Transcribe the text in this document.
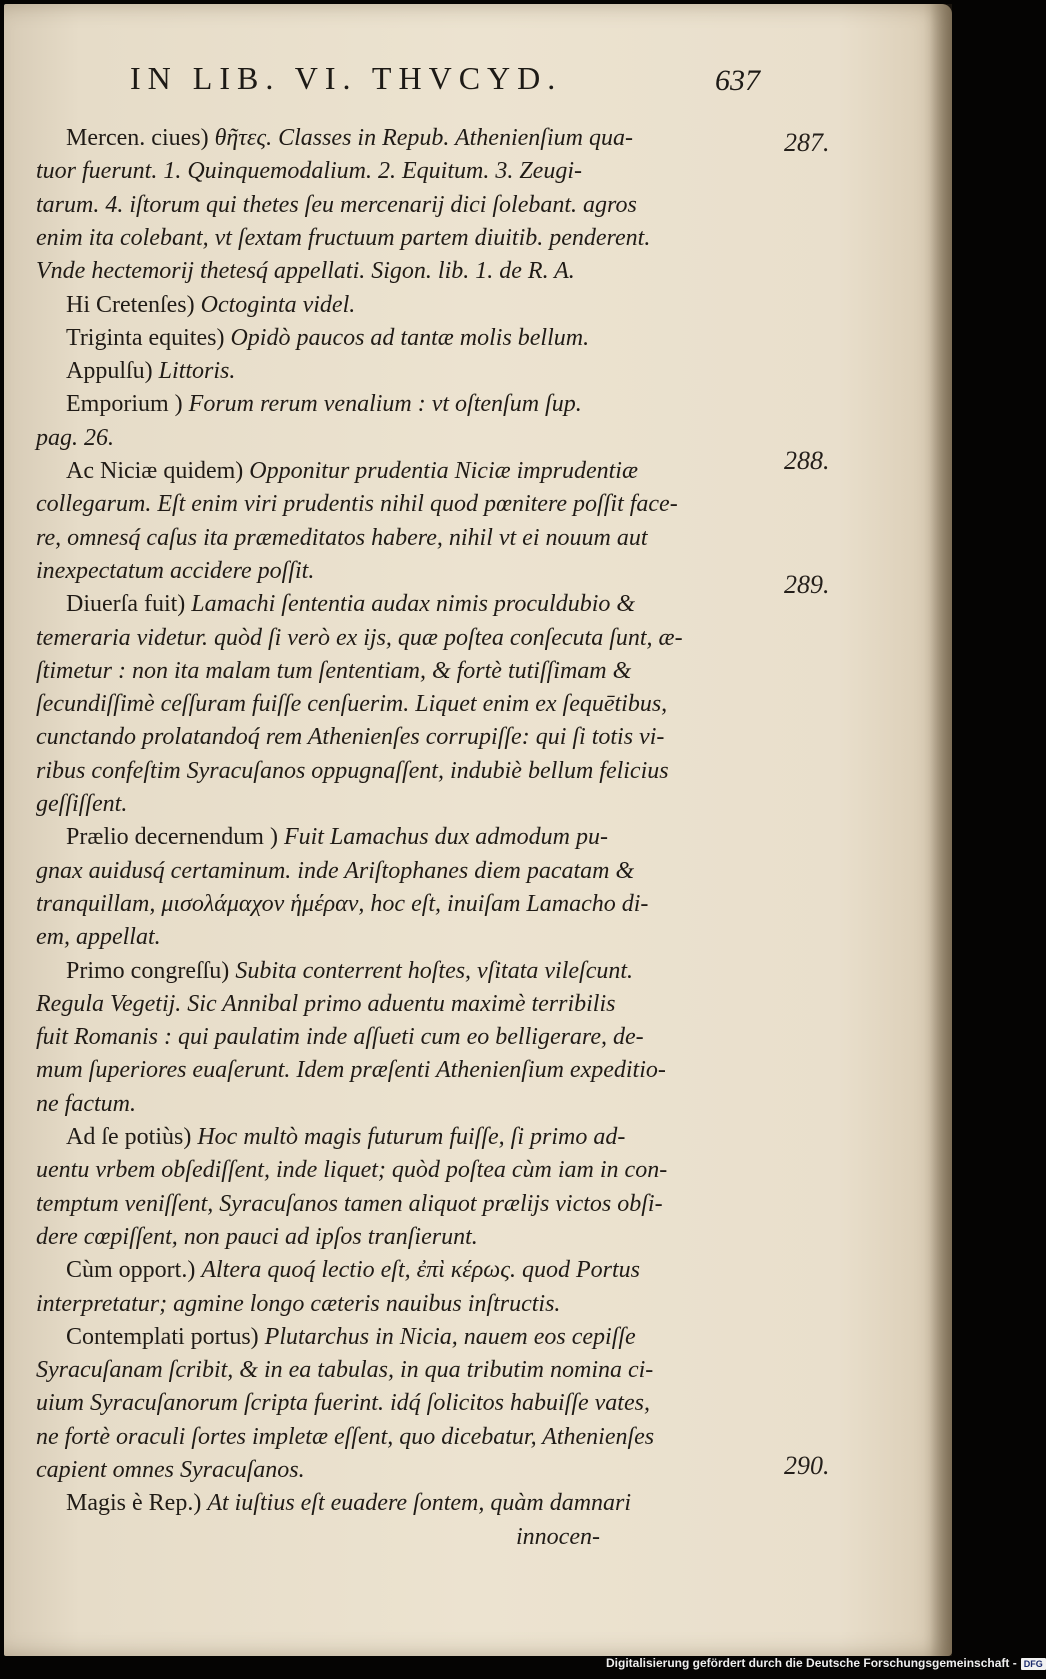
IN LIB. VI. THVCYD.	637
Mercen. ciues) θῆτες. Classes in Repub. Athenienſium qua-
tuor fuerunt. 1. Quinquemodalium. 2. Equitum. 3. Zeugi-
tarum. 4. iſtorum qui thetes ſeu mercenarij dici ſolebant. agros
enim ita colebant, vt ſextam fructuum partem diuitib. penderent.
Vnde hectemorij thetesq́ appellati. Sigon. lib. 1. de R. A.
Hi Cretenſes) Octoginta videl.
Triginta equites) Opidò paucos ad tantæ molis bellum.
Appulſu) Littoris.
Emporium ) Forum rerum venalium : vt oſtenſum ſup.
pag. 26.
Ac Niciæ quidem) Opponitur prudentia Niciæ imprudentiæ
collegarum. Eſt enim viri prudentis nihil quod pœnitere poſſit face-
re, omnesq́ caſus ita præmeditatos habere, nihil vt ei nouum aut
inexpectatum accidere poſſit.
Diuerſa fuit) Lamachi ſententia audax nimis proculdubio &
temeraria videtur. quòd ſi verò ex ijs, quæ poſtea conſecuta ſunt, æ-
ſtimetur : non ita malam tum ſententiam, & fortè tutiſſimam &
ſecundiſſimè ceſſuram fuiſſe cenſuerim. Liquet enim ex ſequētibus,
cunctando prolatandoq́ rem Athenienſes corrupiſſe: qui ſi totis vi-
ribus confeſtim Syracuſanos oppugnaſſent, indubiè bellum felicius
geſſiſſent.
Prælio decernendum ) Fuit Lamachus dux admodum pu-
gnax auidusq́ certaminum. inde Ariſtophanes diem pacatam &
tranquillam, μισολάμαχον ἡμέραν, hoc eſt, inuiſam Lamacho di-
em, appellat.
Primo congreſſu) Subita conterrent hoſtes, vſitata vileſcunt.
Regula Vegetij. Sic Annibal primo aduentu maximè terribilis
fuit Romanis : qui paulatim inde aſſueti cum eo belligerare, de-
mum ſuperiores euaſerunt. Idem præſenti Athenienſium expeditio-
ne factum.
Ad ſe potiùs) Hoc multò magis futurum fuiſſe, ſi primo ad-
uentu vrbem obſediſſent, inde liquet; quòd poſtea cùm iam in con-
temptum veniſſent, Syracuſanos tamen aliquot prælijs victos obſi-
dere cœpiſſent, non pauci ad ipſos tranſierunt.
Cùm opport.) Altera quoq́ lectio eſt, ἐπὶ κέρως. quod Portus
interpretatur; agmine longo cæteris nauibus inſtructis.
Contemplati portus) Plutarchus in Nicia, nauem eos cepiſſe
Syracuſanam ſcribit, & in ea tabulas, in qua tributim nomina ci-
uium Syracuſanorum ſcripta fuerint. idq́ ſolicitos habuiſſe vates,
ne fortè oraculi ſortes impletæ eſſent, quo dicebatur, Athenienſes
capient omnes Syracuſanos.
Magis è Rep.) At iuſtius eſt euadere ſontem, quàm damnari
innocen-
287.
288.
289.
290.
Digitalisierung gefördert durch die Deutsche Forschungsgemeinschaft - DFG
